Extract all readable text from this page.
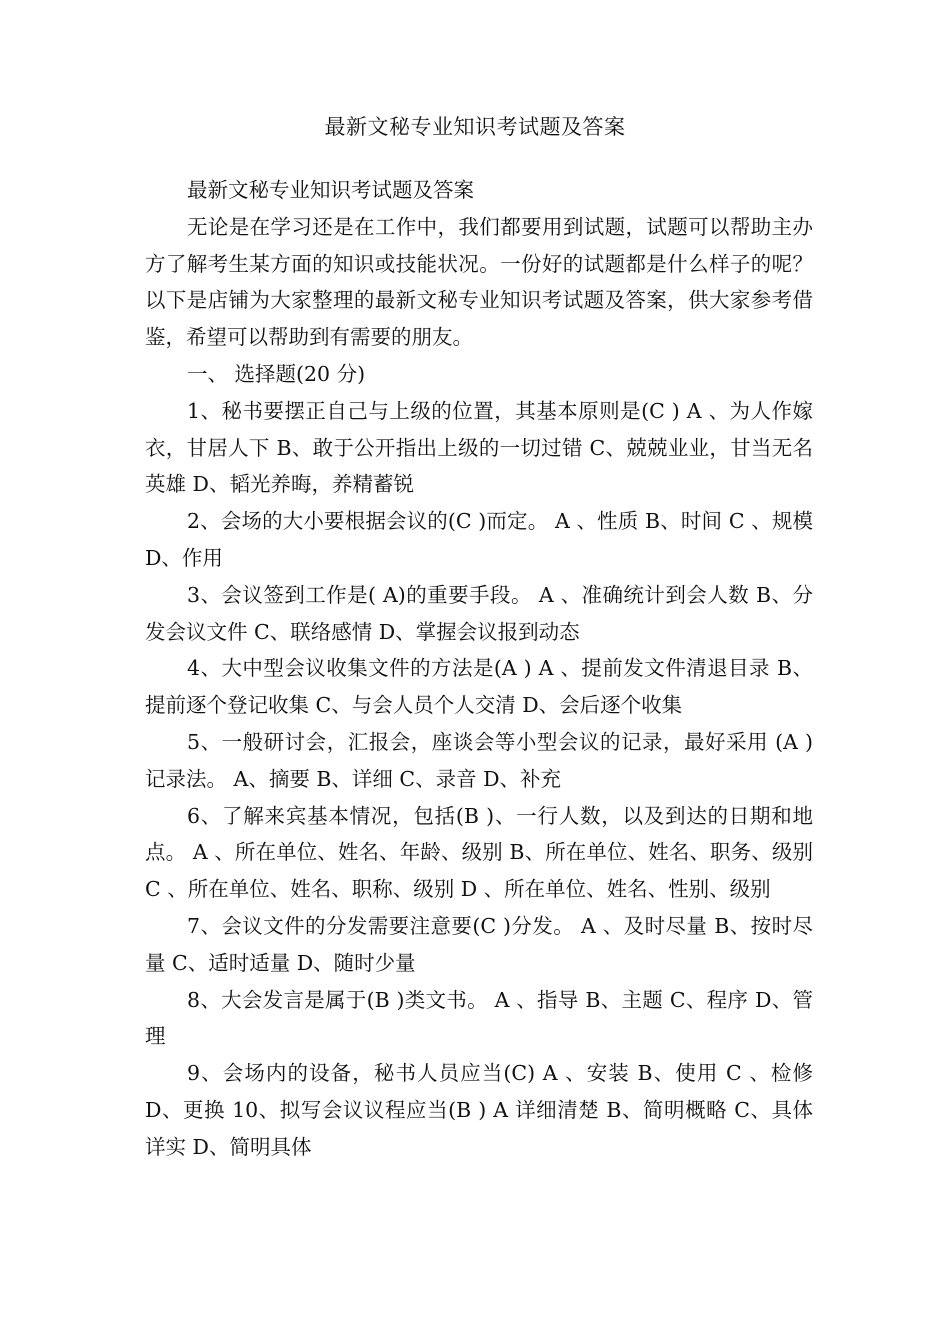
最新文秘专业知识考试题及答案

最新文秘专业知识考试题及答案

无论是在学习还是在工作中，我们都要用到试题，试题可以帮助主办方了解考生某方面的知识或技能状况。一份好的试题都是什么样子的呢？以下是店铺为大家整理的最新文秘专业知识考试题及答案，供大家参考借鉴，希望可以帮助到有需要的朋友。

一、 选择题(20 分)

1、秘书要摆正自己与上级的位置，其基本原则是(C ) A 、为人作嫁衣，甘居人下 B、敢于公开指出上级的一切过错 C、兢兢业业，甘当无名英雄 D、韬光养晦，养精蓄锐

2、会场的大小要根据会议的(C )而定。 A 、性质 B、时间 C 、规模 D、作用

3、会议签到工作是( A)的重要手段。 A 、准确统计到会人数 B、分发会议文件 C、联络感情 D、掌握会议报到动态

4、大中型会议收集文件的方法是(A ) A 、提前发文件清退目录 B、提前逐个登记收集 C、与会人员个人交清 D、会后逐个收集

5、一般研讨会，汇报会，座谈会等小型会议的记录，最好采用 (A )记录法。 A、摘要 B、详细 C、录音 D、补充

6、了解来宾基本情况，包括(B )、一行人数，以及到达的日期和地点。 A 、所在单位、姓名、年龄、级别 B、所在单位、姓名、职务、级别 C 、所在单位、姓名、职称、级别 D 、所在单位、姓名、性别、级别

7、会议文件的分发需要注意要(C )分发。 A 、及时尽量 B、按时尽量 C、适时适量 D、随时少量

8、大会发言是属于(B )类文书。 A 、指导 B、主题 C、程序 D、管 理

9、会场内的设备，秘书人员应当(C) A 、安装 B、使用 C 、检修 D、更换 10、拟写会议议程应当(B ) A 详细清楚 B、简明概略 C、具体详实 D、简明具体
